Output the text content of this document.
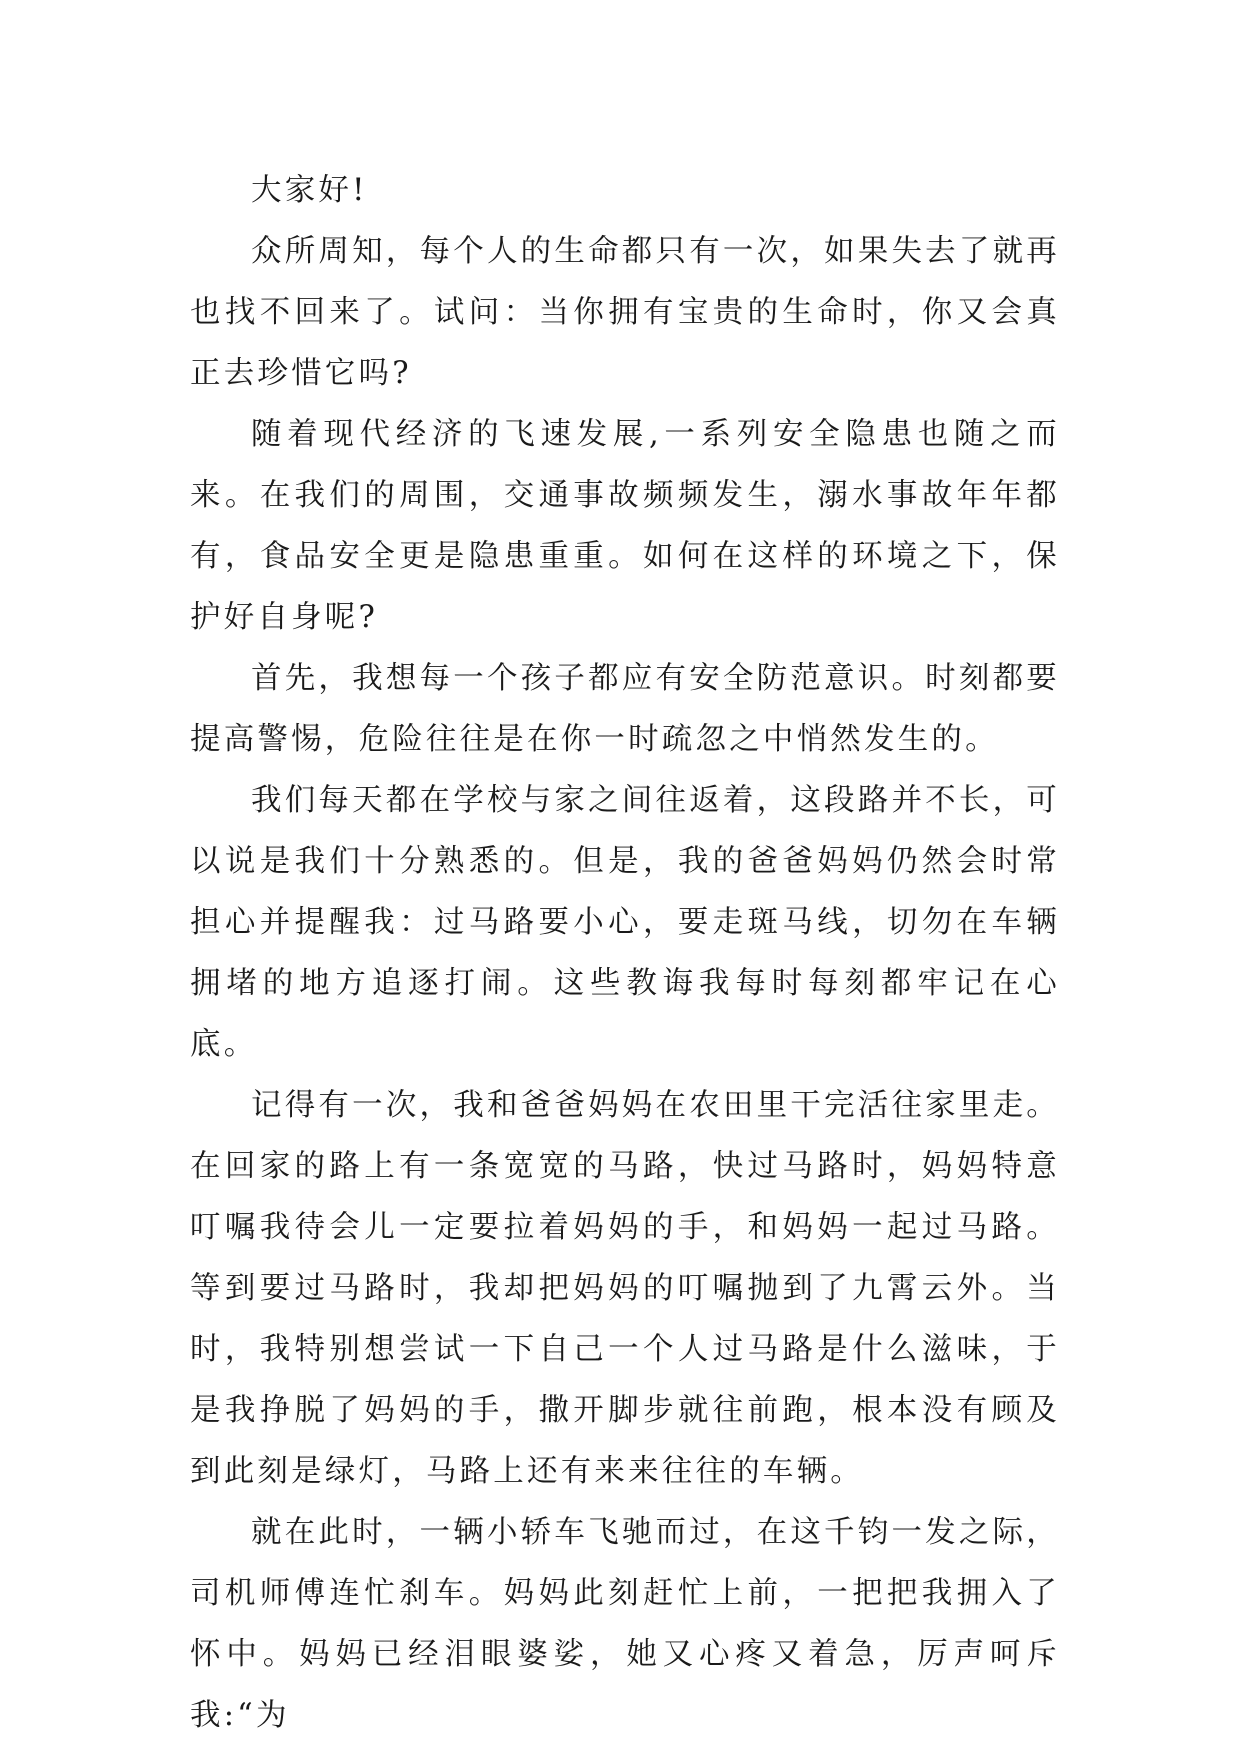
大家好!

众所周知，每个人的生命都只有一次，如果失去了就再也找不回来了。试问：当你拥有宝贵的生命时，你又会真正去珍惜它吗?

随着现代经济的飞速发展,一系列安全隐患也随之而来。在我们的周围，交通事故频频发生，溺水事故年年都有，食品安全更是隐患重重。如何在这样的环境之下，保护好自身呢?

首先，我想每一个孩子都应有安全防范意识。时刻都要提高警惕，危险往往是在你一时疏忽之中悄然发生的。

我们每天都在学校与家之间往返着，这段路并不长，可以说是我们十分熟悉的。但是，我的爸爸妈妈仍然会时常担心并提醒我：过马路要小心，要走斑马线，切勿在车辆拥堵的地方追逐打闹。这些教诲我每时每刻都牢记在心底。

记得有一次，我和爸爸妈妈在农田里干完活往家里走。在回家的路上有一条宽宽的马路，快过马路时，妈妈特意叮嘱我待会儿一定要拉着妈妈的手，和妈妈一起过马路。等到要过马路时，我却把妈妈的叮嘱抛到了九霄云外。当时，我特别想尝试一下自己一个人过马路是什么滋味，于是我挣脱了妈妈的手，撒开脚步就往前跑，根本没有顾及到此刻是绿灯，马路上还有来来往往的车辆。

就在此时，一辆小轿车飞驰而过，在这千钧一发之际，司机师傅连忙刹车。妈妈此刻赶忙上前，一把把我拥入了怀中。妈妈已经泪眼婆娑，她又心疼又着急，厉声呵斥我:“为
